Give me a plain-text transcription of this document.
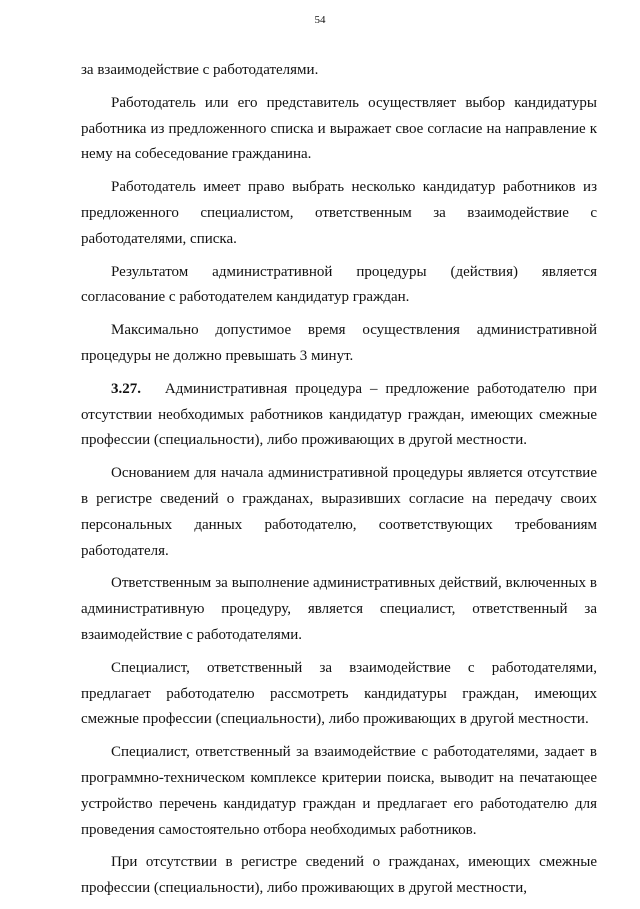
54

за взаимодействие с работодателями.

Работодатель или его представитель осуществляет выбор кандидатуры работника из предложенного списка и выражает свое согласие на направление к нему на собеседование гражданина.

Работодатель имеет право выбрать несколько кандидатур работников из предложенного специалистом, ответственным за взаимодействие с работодателями, списка.

Результатом административной процедуры (действия) является согласование с работодателем кандидатур граждан.

Максимально допустимое время осуществления административной процедуры не должно превышать 3 минут.

3.27. Административная процедура – предложение работодателю при отсутствии необходимых работников кандидатур граждан, имеющих смежные профессии (специальности), либо проживающих в другой местности.

Основанием для начала административной процедуры является отсутствие в регистре сведений о гражданах, выразивших согласие на передачу своих персональных данных работодателю, соответствующих требованиям работодателя.

Ответственным за выполнение административных действий, включенных в административную процедуру, является специалист, ответственный за взаимодействие с работодателями.

Специалист, ответственный за взаимодействие с работодателями, предлагает работодателю рассмотреть кандидатуры граждан, имеющих смежные профессии (специальности), либо проживающих в другой местности.

Специалист, ответственный за взаимодействие с работодателями, задает в программно-техническом комплексе критерии поиска, выводит на печатающее устройство перечень кандидатур граждан и предлагает его работодателю для проведения самостоятельно отбора необходимых работников.

При отсутствии в регистре сведений о гражданах, имеющих смежные профессии (специальности), либо проживающих в другой местности,
